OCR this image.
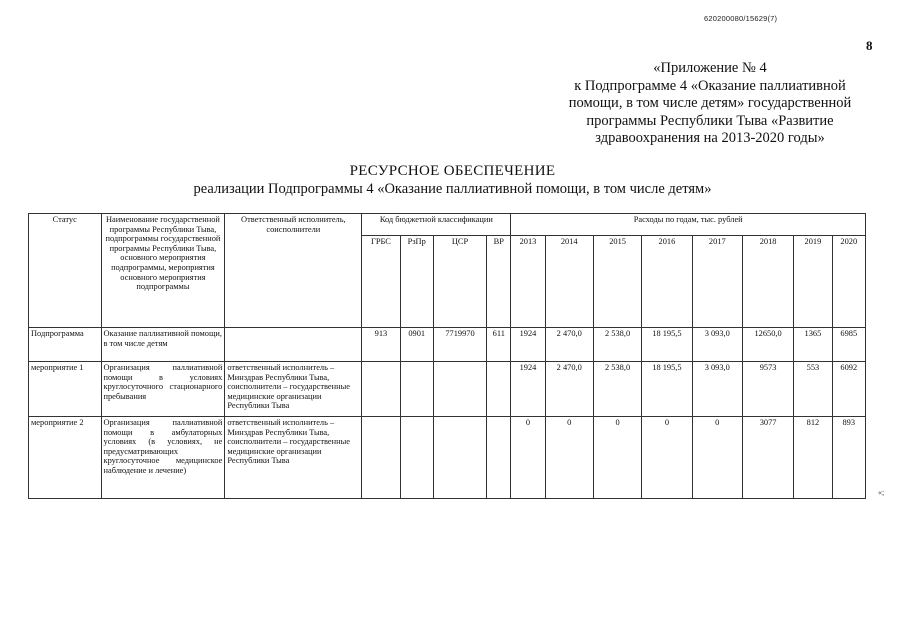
620200080/15629(7)
8
«Приложение № 4
к Подпрограмме 4 «Оказание паллиативной
помощи, в том числе детям» государственной
программы Республики Тыва «Развитие
здравоохранения на 2013-2020 годы»
РЕСУРСНОЕ ОБЕСПЕЧЕНИЕ
реализации Подпрограммы 4 «Оказание паллиативной помощи, в том числе детям»
Статус	Наименование государственной программы Республики Тыва, подпрограммы государственной программы Республики Тыва, основного мероприятия подпрограммы, мероприятия основного мероприятия подпрограммы	Ответственный исполнитель, соисполнители	Код бюджетной классификации				Расходы по годам, тыс. рублей							
			ГРБС	РзПр	ЦСР	ВР	2013	2014	2015	2016	2017	2018	2019	2020
Подпрограмма	Оказание паллиативной помощи, в том числе детям		913	0901	7719970	611	1924	2 470,0	2 538,0	18 195,5	3 093,0	12650,0	1365	6985
мероприятие 1	Организация паллиативной помощи в условиях круглосуточного стационарного пребывания	ответственный исполнитель – Минздрав Республики Тыва, соисполнители – государственные медицинские организации Республики Тыва					1924	2 470,0	2 538,0	18 195,5	3 093,0	9573	553	6092
мероприятие 2	Организация паллиативной помощи в амбулаторных условиях (в условиях, не предусматривающих круглосуточное медицинское наблюдение и лечение)	ответственный исполнитель – Минздрав Республики Тыва, соисполнители – государственные медицинские организации Республики Тыва					0	0	0	0	0	3077	812	893
«;
